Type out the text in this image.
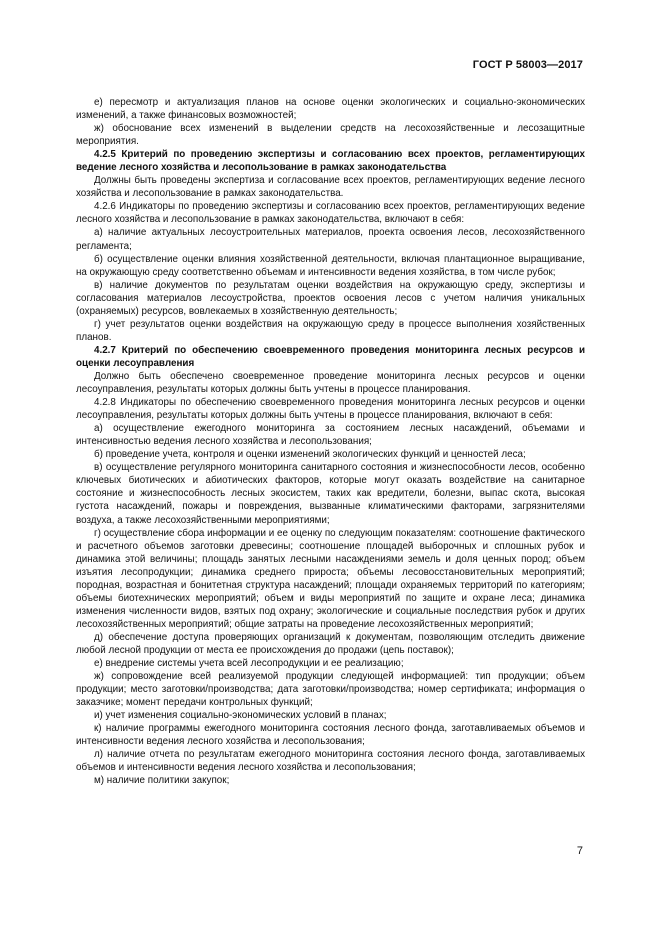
ГОСТ Р 58003—2017

е) пересмотр и актуализация планов на основе оценки экологических и социально-экономических изменений, а также финансовых возможностей;

ж) обоснование всех изменений в выделении средств на лесохозяйственные и лесозащитные мероприятия.

4.2.5 Критерий по проведению экспертизы и согласованию всех проектов, регламентирующих ведение лесного хозяйства и лесопользование в рамках законодательства

Должны быть проведены экспертиза и согласование всех проектов, регламентирующих ведение лесного хозяйства и лесопользование в рамках законодательства.

4.2.6 Индикаторы по проведению экспертизы и согласованию всех проектов, регламентирующих ведение лесного хозяйства и лесопользование в рамках законодательства, включают в себя:

а) наличие актуальных лесоустроительных материалов, проекта освоения лесов, лесохозяйственного регламента;

б) осуществление оценки влияния хозяйственной деятельности, включая плантационное выращивание, на окружающую среду соответственно объемам и интенсивности ведения хозяйства, в том числе рубок;

в) наличие документов по результатам оценки воздействия на окружающую среду, экспертизы и согласования материалов лесоустройства, проектов освоения лесов с учетом наличия уникальных (охраняемых) ресурсов, вовлекаемых в хозяйственную деятельность;

г) учет результатов оценки воздействия на окружающую среду в процессе выполнения хозяйственных планов.

4.2.7 Критерий по обеспечению своевременного проведения мониторинга лесных ресурсов и оценки лесоуправления

Должно быть обеспечено своевременное проведение мониторинга лесных ресурсов и оценки лесоуправления, результаты которых должны быть учтены в процессе планирования.

4.2.8 Индикаторы по обеспечению своевременного проведения мониторинга лесных ресурсов и оценки лесоуправления, результаты которых должны быть учтены в процессе планирования, включают в себя:

а) осуществление ежегодного мониторинга за состоянием лесных насаждений, объемами и интенсивностью ведения лесного хозяйства и лесопользования;

б) проведение учета, контроля и оценки изменений экологических функций и ценностей леса;

в) осуществление регулярного мониторинга санитарного состояния и жизнеспособности лесов, особенно ключевых биотических и абиотических факторов, которые могут оказать воздействие на санитарное состояние и жизнеспособность лесных экосистем, таких как вредители, болезни, выпас скота, высокая густота насаждений, пожары и повреждения, вызванные климатическими факторами, загрязнителями воздуха, а также лесохозяйственными мероприятиями;

г) осуществление сбора информации и ее оценку по следующим показателям: соотношение фактического и расчетного объемов заготовки древесины; соотношение площадей выборочных и сплошных рубок и динамика этой величины; площадь занятых лесными насаждениями земель и доля ценных пород; объем изъятия лесопродукции; динамика среднего прироста; объемы лесовосстановительных мероприятий; породная, возрастная и бонитетная структура насаждений; площади охраняемых территорий по категориям; объемы биотехнических мероприятий; объем и виды мероприятий по защите и охране леса; динамика изменения численности видов, взятых под охрану; экологические и социальные последствия рубок и других лесохозяйственных мероприятий; общие затраты на проведение лесохозяйственных мероприятий;

д) обеспечение доступа проверяющих организаций к документам, позволяющим отследить движение любой лесной продукции от места ее происхождения до продажи (цепь поставок);

е) внедрение системы учета всей лесопродукции и ее реализацию;

ж) сопровождение всей реализуемой продукции следующей информацией: тип продукции; объем продукции; место заготовки/производства; дата заготовки/производства; номер сертификата; информация о заказчике; момент передачи контрольных функций;

и) учет изменения социально-экономических условий в планах;

к) наличие программы ежегодного мониторинга состояния лесного фонда, заготавливаемых объемов и интенсивности ведения лесного хозяйства и лесопользования;

л) наличие отчета по результатам ежегодного мониторинга состояния лесного фонда, заготавливаемых объемов и интенсивности ведения лесного хозяйства и лесопользования;

м) наличие политики закупок;

7
